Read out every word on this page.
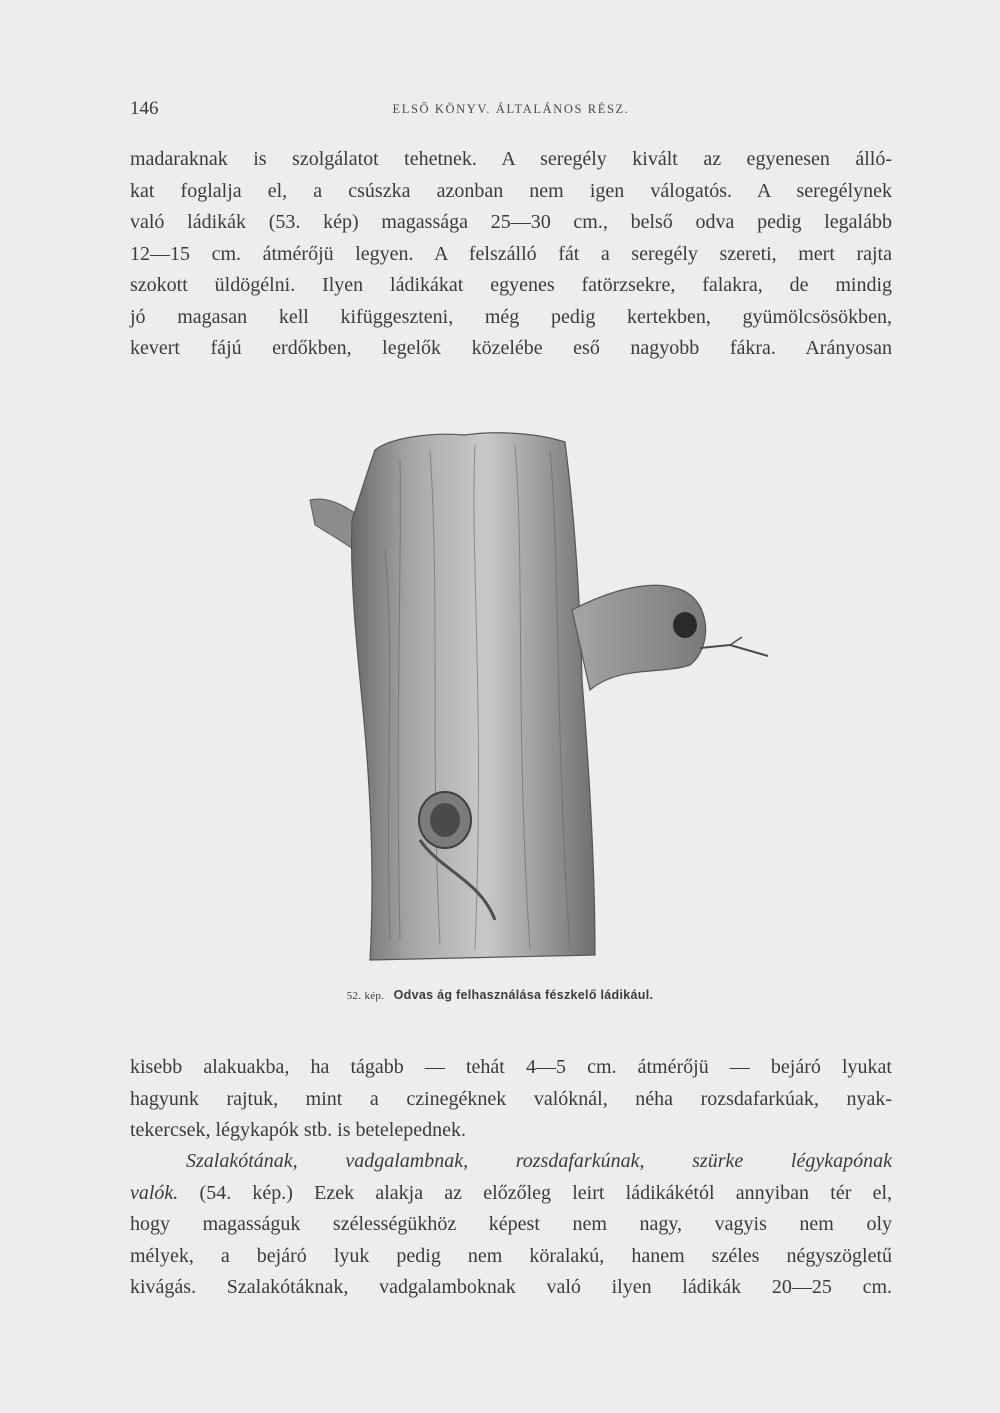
146	ELSŐ KÖNYV. ÁLTALÁNOS RÉSZ.

madaraknak is szolgálatot tehetnek. A seregély kivált az egyenesen álló-
kat foglalja el, a csúszka azonban nem igen válogatós. A seregélynek
való ládikák (53. kép) magassága 25—30 cm., belső odva pedig legalább
12—15 cm. átmérőjü legyen. A felszálló fát a seregély szereti, mert rajta
szokott üldögélni. Ilyen ládikákat egyenes fatörzsekre, falakra, de mindig
jó magasan kell kifüggeszteni, még pedig kertekben, gyümölcsösökben,
kevert fájú erdőkben, legelők közelébe eső nagyobb fákra. Arányosan

52. kép. Odvas ág felhasználása fészkelő ládikául.

kisebb alakuakba, ha tágabb — tehát 4—5 cm. átmérőjü — bejáró lyukat
hagyunk rajtuk, mint a czinegéknek valóknál, néha rozsdafarkúak, nyak-
tekercsek, légykapók stb. is betelepednek.

Szalakótának, vadgalambnak, rozsdafarkúnak, szürke légykapónak
valók. (54. kép.) Ezek alakja az előzőleg leirt ládikákétól annyiban tér el,
hogy magasságuk szélességükhöz képest nem nagy, vagyis nem oly
mélyek, a bejáró lyuk pedig nem köralakú, hanem széles négyszögletű
kivágás. Szalakótáknak, vadgalamboknak való ilyen ládikák 20—25 cm.
